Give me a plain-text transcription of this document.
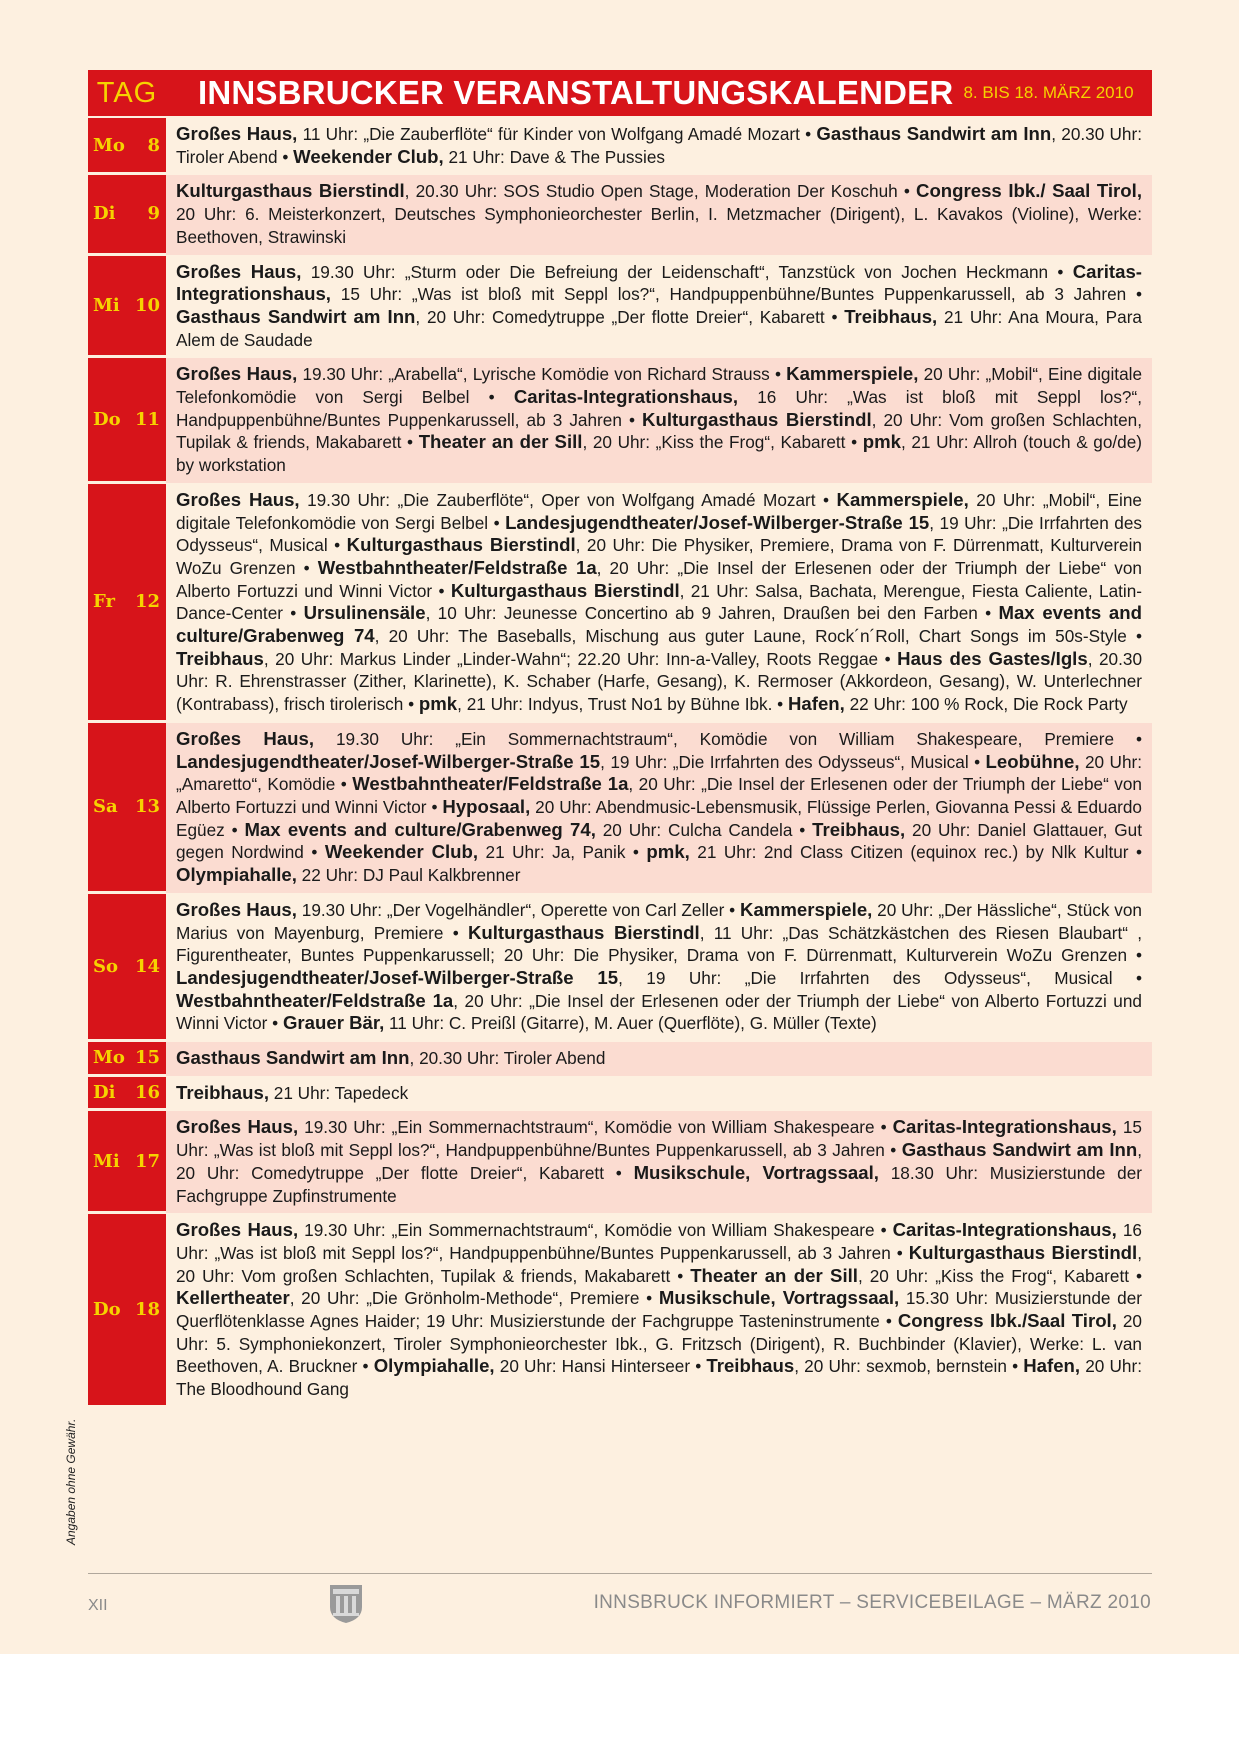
TAG INNSBRUCKER VERANSTALTUNGSKALENDER 8. BIS 18. MÄRZ 2010
Mo 8
Großes Haus, 11 Uhr: „Die Zauberflöte“ für Kinder von Wolfgang Amadé Mozart • Gasthaus Sandwirt am Inn, 20.30 Uhr: Tiroler Abend • Weekender Club, 21 Uhr: Dave & The Pussies
Di 9
Kulturgasthaus Bierstindl, 20.30 Uhr: SOS Studio Open Stage, Moderation Der Koschuh • Congress Ibk./ Saal Tirol, 20 Uhr: 6. Meisterkonzert, Deutsches Symphonieorchester Berlin, I. Metzmacher (Dirigent), L. Kavakos (Violine), Werke: Beethoven, Strawinski
Mi 10
Großes Haus, 19.30 Uhr: „Sturm oder Die Befreiung der Leidenschaft“, Tanzstück von Jochen Heckmann • Caritas-Integrationshaus, 15 Uhr: „Was ist bloß mit Seppl los?“, Handpuppenbühne/Buntes Puppenkarussell, ab 3 Jahren • Gasthaus Sandwirt am Inn, 20 Uhr: Comedytruppe „Der flotte Dreier“, Kabarett • Treibhaus, 21 Uhr: Ana Moura, Para Alem de Saudade
Do 11
Großes Haus, 19.30 Uhr: „Arabella“, Lyrische Komödie von Richard Strauss • Kammerspiele, 20 Uhr: „Mobil“, Eine digitale Telefonkomödie von Sergi Belbel • Caritas-Integrationshaus, 16 Uhr: „Was ist bloß mit Seppl los?“, Handpuppenbühne/Buntes Puppenkarussell, ab 3 Jahren • Kulturgasthaus Bierstindl, 20 Uhr: Vom großen Schlachten, Tupilak & friends, Makabarett • Theater an der Sill, 20 Uhr: „Kiss the Frog“, Kabarett • pmk, 21 Uhr: Allroh (touch & go/de) by workstation
Fr 12
Großes Haus, 19.30 Uhr: „Die Zauberflöte“, Oper von Wolfgang Amadé Mozart • Kammerspiele, 20 Uhr: „Mobil“, Eine digitale Telefonkomödie von Sergi Belbel • Landesjugendtheater/Josef-Wilberger-Straße 15, 19 Uhr: „Die Irrfahrten des Odysseus“, Musical • Kulturgasthaus Bierstindl, 20 Uhr: Die Physiker, Premiere, Drama von F. Dürrenmatt, Kulturverein WoZu Grenzen • Westbahntheater/Feldstraße 1a, 20 Uhr: „Die Insel der Erlesenen oder der Triumph der Liebe“ von Alberto Fortuzzi und Winni Victor • Kulturgasthaus Bierstindl, 21 Uhr: Salsa, Bachata, Merengue, Fiesta Caliente, Latin-Dance-Center • Ursulinensäle, 10 Uhr: Jeunesse Concertino ab 9 Jahren, Draußen bei den Farben • Max events and culture/Grabenweg 74, 20 Uhr: The Baseballs, Mischung aus guter Laune, Rock´n´Roll, Chart Songs im 50s-Style • Treibhaus, 20 Uhr: Markus Linder „Linder-Wahn“; 22.20 Uhr: Inn-a-Valley, Roots Reggae • Haus des Gastes/Igls, 20.30 Uhr: R. Ehrenstrasser (Zither, Klarinette), K. Schaber (Harfe, Gesang), K. Rermoser (Akkordeon, Gesang), W. Unterlechner (Kontrabass), frisch tirolerisch • pmk, 21 Uhr: Indyus, Trust No1 by Bühne Ibk. • Hafen, 22 Uhr: 100 % Rock, Die Rock Party
Sa 13
Großes Haus, 19.30 Uhr: „Ein Sommernachtstraum“, Komödie von William Shakespeare, Premiere • Landesjugendtheater/Josef-Wilberger-Straße 15, 19 Uhr: „Die Irrfahrten des Odysseus“, Musical • Leobühne, 20 Uhr: „Amaretto“, Komödie • Westbahntheater/Feldstraße 1a, 20 Uhr: „Die Insel der Erlesenen oder der Triumph der Liebe“ von Alberto Fortuzzi und Winni Victor • Hyposaal, 20 Uhr: Abendmusic-Lebensmusik, Flüssige Perlen, Giovanna Pessi & Eduardo Egüez • Max events and culture/Grabenweg 74, 20 Uhr: Culcha Candela • Treibhaus, 20 Uhr: Daniel Glattauer, Gut gegen Nordwind • Weekender Club, 21 Uhr: Ja, Panik • pmk, 21 Uhr: 2nd Class Citizen (equinox rec.) by Nlk Kultur • Olympiahalle, 22 Uhr: DJ Paul Kalkbrenner
So 14
Großes Haus, 19.30 Uhr: „Der Vogelhändler“, Operette von Carl Zeller • Kammerspiele, 20 Uhr: „Der Hässliche“, Stück von Marius von Mayenburg, Premiere • Kulturgasthaus Bierstindl, 11 Uhr: „Das Schätzkästchen des Riesen Blaubart“ , Figurentheater, Buntes Puppenkarussell; 20 Uhr: Die Physiker, Drama von F. Dürrenmatt, Kulturverein WoZu Grenzen • Landesjugendtheater/Josef-Wilberger-Straße 15, 19 Uhr: „Die Irrfahrten des Odysseus“, Musical • Westbahntheater/Feldstraße 1a, 20 Uhr: „Die Insel der Erlesenen oder der Triumph der Liebe“ von Alberto Fortuzzi und Winni Victor • Grauer Bär, 11 Uhr: C. Preißl (Gitarre), M. Auer (Querflöte), G. Müller (Texte)
Mo 15 Gasthaus Sandwirt am Inn, 20.30 Uhr: Tiroler Abend
Di 16 Treibhaus, 21 Uhr: Tapedeck
Mi 17
Großes Haus, 19.30 Uhr: „Ein Sommernachtstraum“, Komödie von William Shakespeare • Caritas-Integrationshaus, 15 Uhr: „Was ist bloß mit Seppl los?“, Handpuppenbühne/Buntes Puppenkarussell, ab 3 Jahren • Gasthaus Sandwirt am Inn, 20 Uhr: Comedytruppe „Der flotte Dreier“, Kabarett • Musikschule, Vortragssaal, 18.30 Uhr: Musizierstunde der Fachgruppe Zupfinstrumente
Do 18
Großes Haus, 19.30 Uhr: „Ein Sommernachtstraum“, Komödie von William Shakespeare • Caritas-Integrationshaus, 16 Uhr: „Was ist bloß mit Seppl los?“, Handpuppenbühne/Buntes Puppenkarussell, ab 3 Jahren • Kulturgasthaus Bierstindl, 20 Uhr: Vom großen Schlachten, Tupilak & friends, Makabarett • Theater an der Sill, 20 Uhr: „Kiss the Frog“, Kabarett • Kellertheater, 20 Uhr: „Die Grönholm-Methode“, Premiere • Musikschule, Vortragssaal, 15.30 Uhr: Musizierstunde der Querflötenklasse Agnes Haider; 19 Uhr: Musizierstunde der Fachgruppe Tasteninstrumente • Congress Ibk./Saal Tirol, 20 Uhr: 5. Symphoniekonzert, Tiroler Symphonieorchester Ibk., G. Fritzsch (Dirigent), R. Buchbinder (Klavier), Werke: L. van Beethoven, A. Bruckner • Olympiahalle, 20 Uhr: Hansi Hinterseer • Treibhaus, 20 Uhr: sexmob, bernstein • Hafen, 20 Uhr: The Bloodhound Gang
Angaben ohne Gewähr.
XII	INNSBRUCK INFORMIERT – SERVICEBEILAGE – MÄRZ 2010
